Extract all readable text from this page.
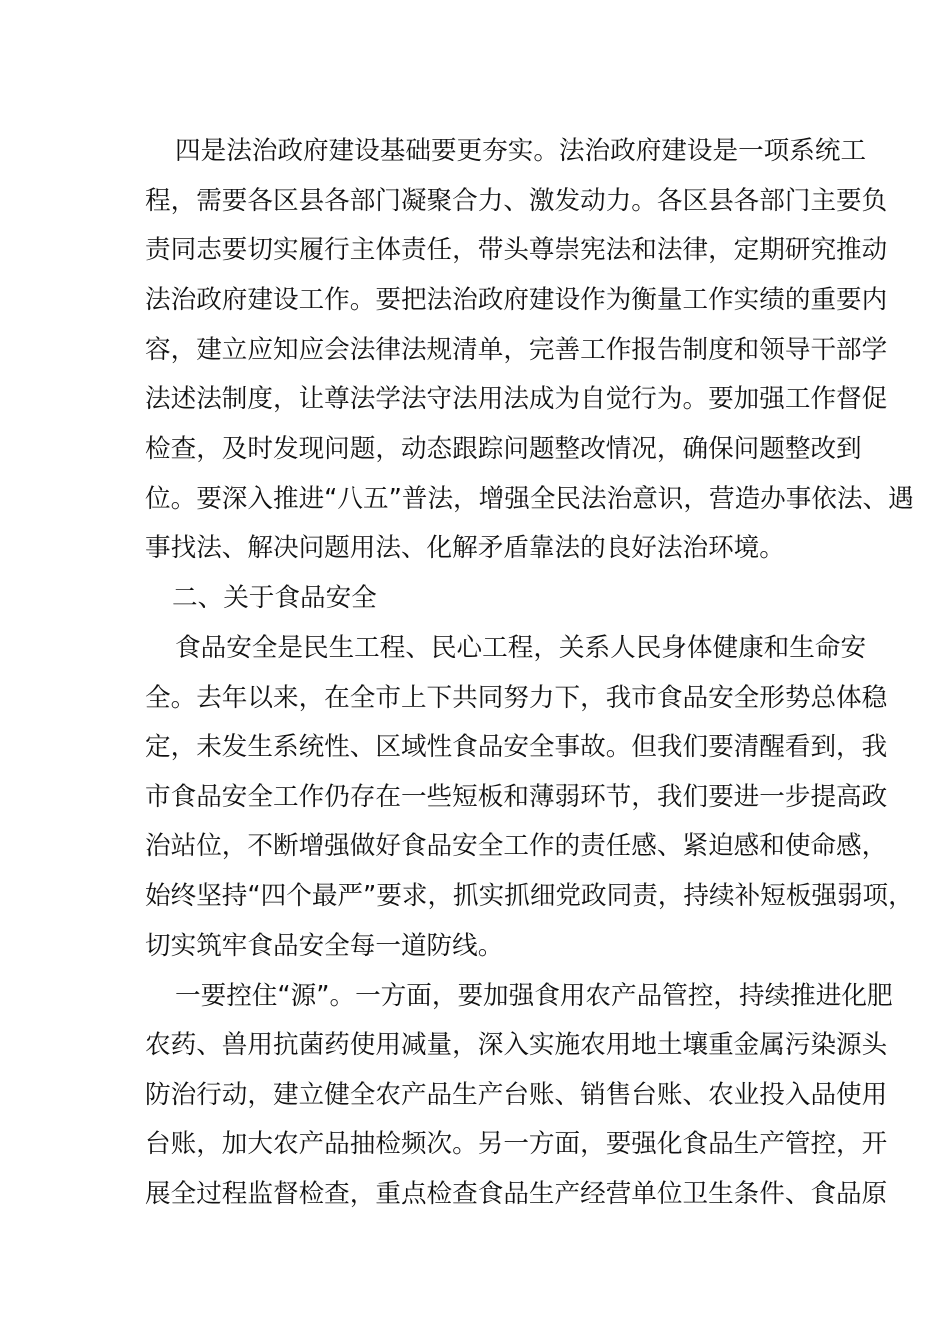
四是法治政府建设基础要更夯实。法治政府建设是一项系统工
程，需要各区县各部门凝聚合力、激发动力。各区县各部门主要负
责同志要切实履行主体责任，带头尊崇宪法和法律，定期研究推动
法治政府建设工作。要把法治政府建设作为衡量工作实绩的重要内
容，建立应知应会法律法规清单，完善工作报告制度和领导干部学
法述法制度，让尊法学法守法用法成为自觉行为。要加强工作督促
检查，及时发现问题，动态跟踪问题整改情况，确保问题整改到
位。要深入推进“八五”普法，增强全民法治意识，营造办事依法、遇
事找法、解决问题用法、化解矛盾靠法的良好法治环境。
二、关于食品安全
食品安全是民生工程、民心工程，关系人民身体健康和生命安
全。去年以来，在全市上下共同努力下，我市食品安全形势总体稳
定，未发生系统性、区域性食品安全事故。但我们要清醒看到，我
市食品安全工作仍存在一些短板和薄弱环节，我们要进一步提高政
治站位，不断增强做好食品安全工作的责任感、紧迫感和使命感，
始终坚持“四个最严”要求，抓实抓细党政同责，持续补短板强弱项，
切实筑牢食品安全每一道防线。
一要控住“源”。一方面，要加强食用农产品管控，持续推进化肥
农药、兽用抗菌药使用减量，深入实施农用地土壤重金属污染源头
防治行动，建立健全农产品生产台账、销售台账、农业投入品使用
台账，加大农产品抽检频次。另一方面，要强化食品生产管控，开
展全过程监督检查，重点检查食品生产经营单位卫生条件、食品原
